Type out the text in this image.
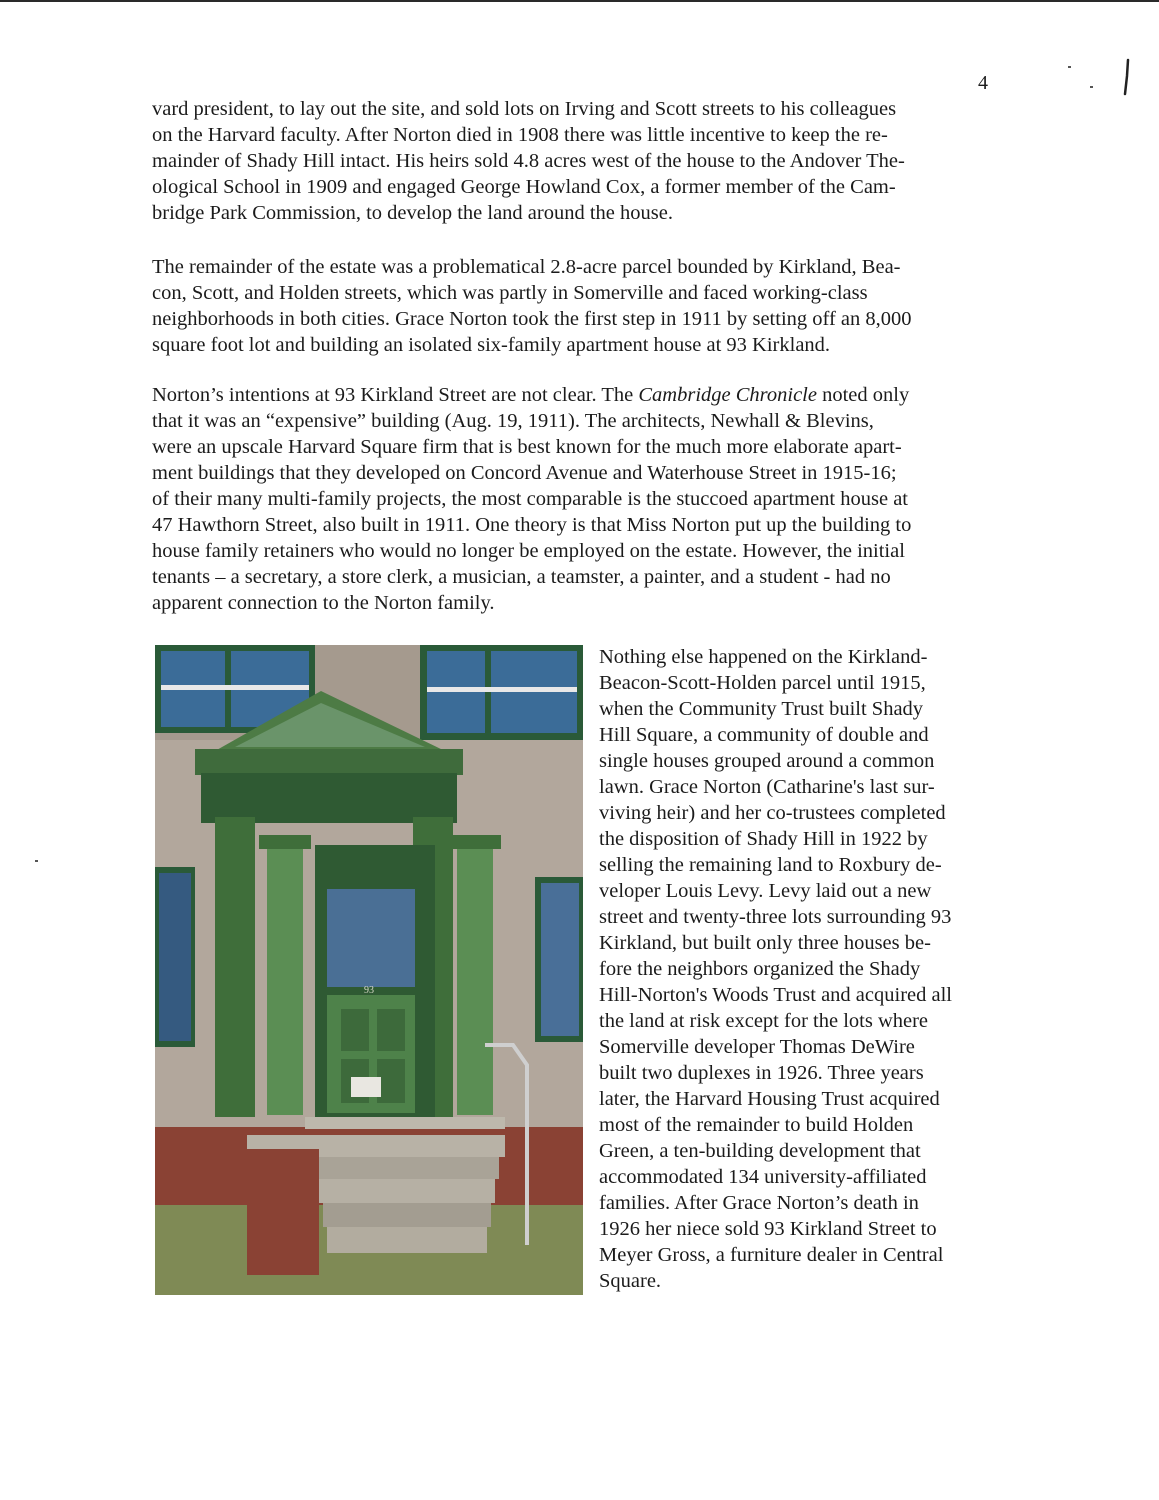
4

vard president, to lay out the site, and sold lots on Irving and Scott streets to his colleagues
on the Harvard faculty. After Norton died in 1908 there was little incentive to keep the re-
mainder of Shady Hill intact. His heirs sold 4.8 acres west of the house to the Andover The-
ological School in 1909 and engaged George Howland Cox, a former member of the Cam-
bridge Park Commission, to develop the land around the house.

The remainder of the estate was a problematical 2.8-acre parcel bounded by Kirkland, Bea-
con, Scott, and Holden streets, which was partly in Somerville and faced working-class
neighborhoods in both cities. Grace Norton took the first step in 1911 by setting off an 8,000
square foot lot and building an isolated six-family apartment house at 93 Kirkland.

Norton’s intentions at 93 Kirkland Street are not clear. The Cambridge Chronicle noted only
that it was an “expensive” building (Aug. 19, 1911). The architects, Newhall & Blevins,
were an upscale Harvard Square firm that is best known for the much more elaborate apart-
ment buildings that they developed on Concord Avenue and Waterhouse Street in 1915-16;
of their many multi-family projects, the most comparable is the stuccoed apartment house at
47 Hawthorn Street, also built in 1911. One theory is that Miss Norton put up the building to
house family retainers who would no longer be employed on the estate. However, the initial
tenants – a secretary, a store clerk, a musician, a teamster, a painter, and a student - had no
apparent connection to the Norton family.

93

Nothing else happened on the Kirkland-
Beacon-Scott-Holden parcel until 1915,
when the Community Trust built Shady
Hill Square, a community of double and
single houses grouped around a common
lawn. Grace Norton (Catharine's last sur-
viving heir) and her co-trustees completed
the disposition of Shady Hill in 1922 by
selling the remaining land to Roxbury de-
veloper Louis Levy. Levy laid out a new
street and twenty-three lots surrounding 93
Kirkland, but built only three houses be-
fore the neighbors organized the Shady
Hill-Norton's Woods Trust and acquired all
the land at risk except for the lots where
Somerville developer Thomas DeWire
built two duplexes in 1926. Three years
later, the Harvard Housing Trust acquired
most of the remainder to build Holden
Green, a ten-building development that
accommodated 134 university-affiliated
families. After Grace Norton’s death in
1926 her niece sold 93 Kirkland Street to
Meyer Gross, a furniture dealer in Central
Square.
